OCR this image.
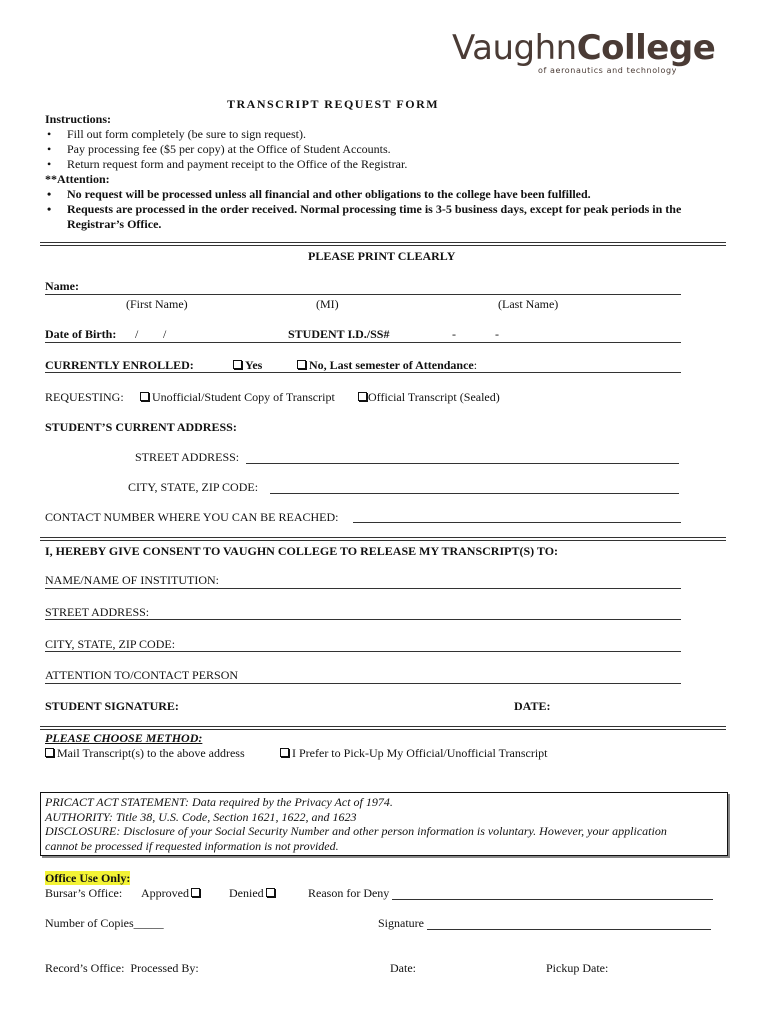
VaughnCollege
of aeronautics and technology
TRANSCRIPT REQUEST FORM
Instructions:
• Fill out form completely (be sure to sign request).
• Pay processing fee ($5 per copy) at the Office of Student Accounts.
• Return request form and payment receipt to the Office of the Registrar.
**Attention:
• No request will be processed unless all financial and other obligations to the college have been fulfilled.
• Requests are processed in the order received. Normal processing time is 3-5 business days, except for peak periods in the Registrar’s Office.
PLEASE PRINT CLEARLY
Name:
(First Name)	(MI)	(Last Name)
Date of Birth: / /	STUDENT I.D./SS#	-	-
CURRENTLY ENROLLED:	Yes	No, Last semester of Attendance:
REQUESTING:	Unofficial/Student Copy of Transcript	Official Transcript (Sealed)
STUDENT’S CURRENT ADDRESS:
STREET ADDRESS:
CITY, STATE, ZIP CODE:
CONTACT NUMBER WHERE YOU CAN BE REACHED:
I, HEREBY GIVE CONSENT TO VAUGHN COLLEGE TO RELEASE MY TRANSCRIPT(S) TO:
NAME/NAME OF INSTITUTION:
STREET ADDRESS:
CITY, STATE, ZIP CODE:
ATTENTION TO/CONTACT PERSON
STUDENT SIGNATURE:	DATE:
PLEASE CHOOSE METHOD:
Mail Transcript(s) to the above address	I Prefer to Pick-Up My Official/Unofficial Transcript
PRICACT ACT STATEMENT: Data required by the Privacy Act of 1974.
AUTHORITY: Title 38, U.S. Code, Section 1621, 1622, and 1623
DISCLOSURE: Disclosure of your Social Security Number and other person information is voluntary. However, your application
cannot be processed if requested information is not provided.
Office Use Only:
Bursar’s Office: Approved	Denied	Reason for Deny
Number of Copies_____	Signature
Record’s Office:  Processed By:	Date:	Pickup Date:
